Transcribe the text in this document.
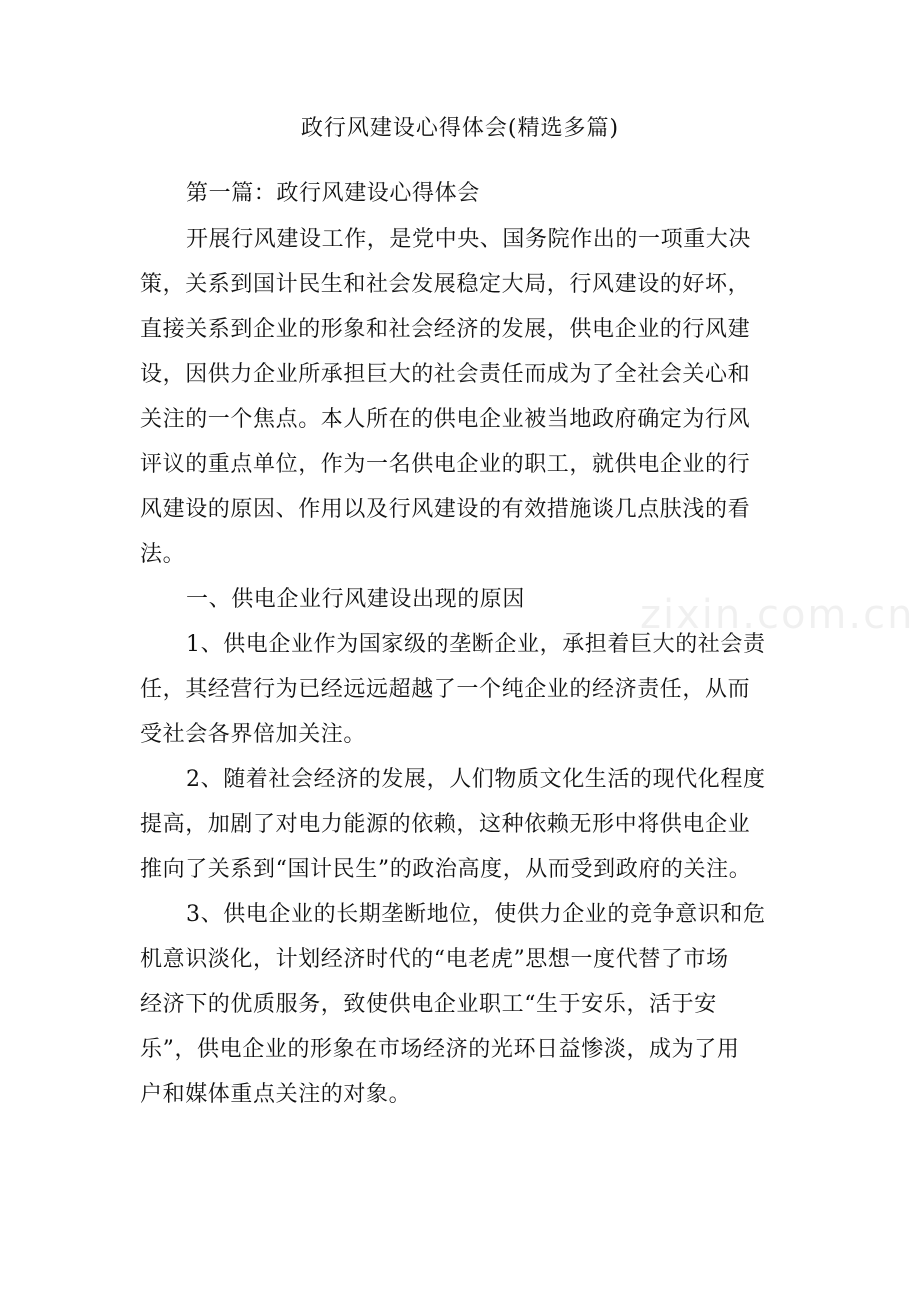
zixin.com.cn
政行风建设心得体会(精选多篇)
第一篇：政行风建设心得体会
开展行风建设工作，是党中央、国务院作出的一项重大决
策，关系到国计民生和社会发展稳定大局，行风建设的好坏，
直接关系到企业的形象和社会经济的发展，供电企业的行风建
设，因供力企业所承担巨大的社会责任而成为了全社会关心和
关注的一个焦点。本人所在的供电企业被当地政府确定为行风
评议的重点单位，作为一名供电企业的职工，就供电企业的行
风建设的原因、作用以及行风建设的有效措施谈几点肤浅的看
法。
一、供电企业行风建设出现的原因
1、供电企业作为国家级的垄断企业，承担着巨大的社会责
任，其经营行为已经远远超越了一个纯企业的经济责任，从而
受社会各界倍加关注。
2、随着社会经济的发展，人们物质文化生活的现代化程度
提高，加剧了对电力能源的依赖，这种依赖无形中将供电企业
推向了关系到“国计民生”的政治高度，从而受到政府的关注。
3、供电企业的长期垄断地位，使供力企业的竞争意识和危
机意识淡化，计划经济时代的“电老虎”思想一度代替了市场
经济下的优质服务，致使供电企业职工“生于安乐，活于安
乐”，供电企业的形象在市场经济的光环日益惨淡，成为了用
户和媒体重点关注的对象。
